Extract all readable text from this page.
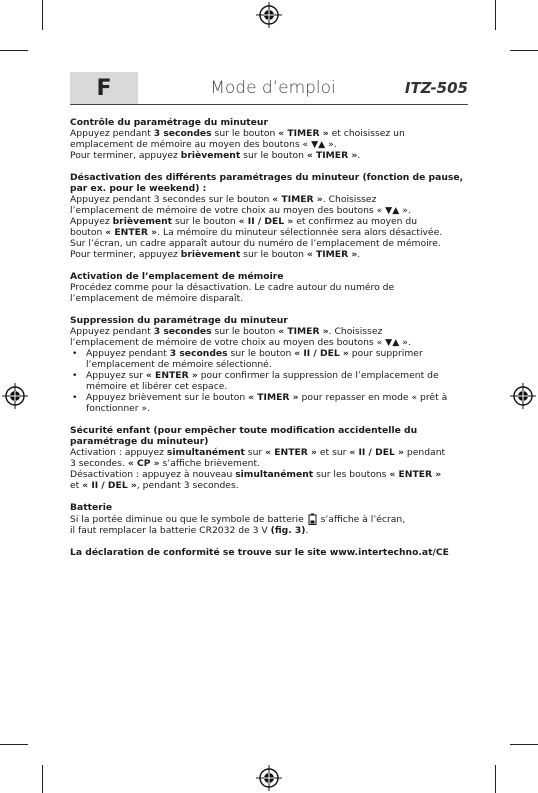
F	Mode d’emploi	ITZ-505

Contrôle du paramétrage du minuteur

Appuyez pendant 3 secondes sur le bouton « TIMER » et choisissez un

emplacement de mémoire au moyen des boutons « ▼▲ ».

Pour terminer, appuyez brièvement sur le bouton « TIMER ».

Désactivation des différents paramétrages du minuteur (fonction de pause, par ex. pour le weekend) :

Appuyez pendant 3 secondes sur le bouton « TIMER ». Choisissez

l’emplacement de mémoire de votre choix au moyen des boutons « ▼▲ ».

Appuyez brièvement sur le bouton « II / DEL » et confirmez au moyen du

bouton « ENTER ». La mémoire du minuteur sélectionnée sera alors désactivée.

Sur l’écran, un cadre apparaît autour du numéro de l’emplacement de mémoire.

Pour terminer, appuyez brièvement sur le bouton « TIMER ».

Activation de l’emplacement de mémoire

Procédez comme pour la désactivation. Le cadre autour du numéro de

l’emplacement de mémoire disparaît.

Suppression du paramétrage du minuteur

Appuyez pendant 3 secondes sur le bouton « TIMER ». Choisissez

l’emplacement de mémoire de votre choix au moyen des boutons « ▼▲ ».

• Appuyez pendant 3 secondes sur le bouton « II / DEL » pour supprimer l’emplacement de mémoire sélectionné.
• Appuyez sur « ENTER » pour confirmer la suppression de l’emplacement de mémoire et libérer cet espace.
• Appuyez brièvement sur le bouton « TIMER » pour repasser en mode « prêt à fonctionner ».

Sécurité enfant (pour empêcher toute modification accidentelle du paramétrage du minuteur)

Activation : appuyez simultanément sur « ENTER » et sur « II / DEL » pendant

3 secondes. « CP » s’affiche brièvement.

Désactivation : appuyez à nouveau simultanément sur les boutons « ENTER »

et « II / DEL », pendant 3 secondes.

Batterie

Si la portée diminue ou que le symbole de batterie  s’affiche à l’écran,

il faut remplacer la batterie CR2032 de 3 V (fig. 3).

La déclaration de conformité se trouve sur le site www.intertechno.at/CE
